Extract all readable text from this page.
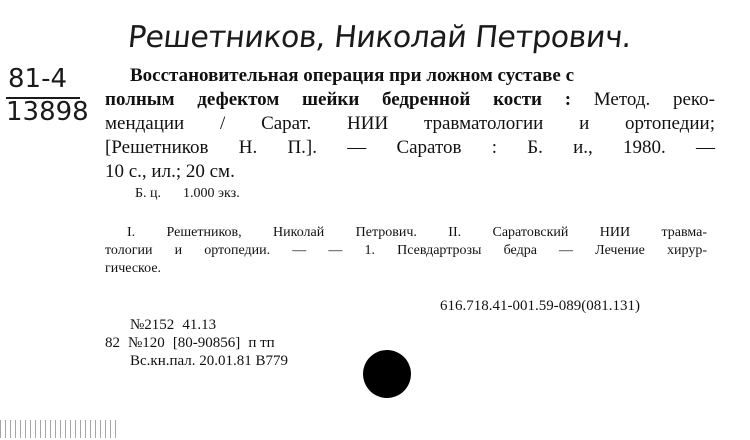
Решетников, Николай Петрович.
81-4
13898
Восстановительная операция при ложном суставе с
полным дефектом шейки бедренной кости : Метод. реко-
мендации / Сарат. НИИ травматологии и ортопедии;
[Решетников Н. П.]. — Саратов : Б. и., 1980. —
10 с., ил.; 20 см.
Б. ц. 1.000 экз.
I. Решетников, Николай Петрович. II. Саратовский НИИ травма-
тологии и ортопедии. — — 1. Псевдартрозы бедра — Лечение хирур-
гическое.
616.718.41-001.59-089(081.131)
№2152 41.13
82 №120 [80-90856] п тп
Вс.кн.пал. 20.01.81 В779
